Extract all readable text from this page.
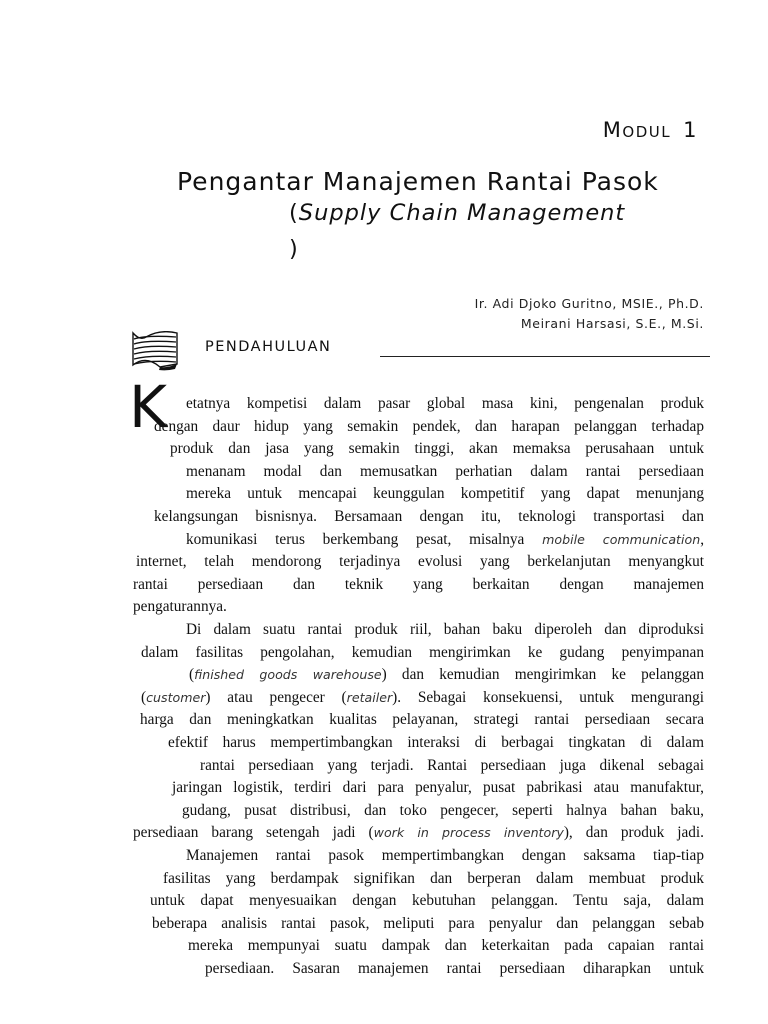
MODUL 1
Pengantar Manajemen Rantai Pasok
(Supply Chain Management
)
Ir. Adi Djoko Guritno, MSIE., Ph.D.
Meirani Harsasi, S.E., M.Si.
PENDAHULUAN
K etatnya kompetisi dalam pasar global masa kini, pengenalan produk
dengan daur hidup yang semakin pendek, dan harapan pelanggan terhadap
produk dan jasa yang semakin tinggi, akan memaksa perusahaan untuk
menanam modal dan memusatkan perhatian dalam rantai persediaan
mereka untuk mencapai keunggulan kompetitif yang dapat menunjang
kelangsungan bisnisnya. Bersamaan dengan itu, teknologi transportasi dan
komunikasi terus berkembang pesat, misalnya mobile communication,
internet, telah mendorong terjadinya evolusi yang berkelanjutan menyangkut
rantai persediaan dan teknik yang berkaitan dengan manajemen
pengaturannya.
Di dalam suatu rantai produk riil, bahan baku diperoleh dan diproduksi
dalam fasilitas pengolahan, kemudian mengirimkan ke gudang penyimpanan
(finished goods warehouse) dan kemudian mengirimkan ke pelanggan
(customer) atau pengecer (retailer). Sebagai konsekuensi, untuk mengurangi
harga dan meningkatkan kualitas pelayanan, strategi rantai persediaan secara
efektif harus mempertimbangkan interaksi di berbagai tingkatan di dalam
rantai persediaan yang terjadi. Rantai persediaan juga dikenal sebagai
jaringan logistik, terdiri dari para penyalur, pusat pabrikasi atau manufaktur,
gudang, pusat distribusi, dan toko pengecer, seperti halnya bahan baku,
persediaan barang setengah jadi (work in process inventory), dan produk jadi.
Manajemen rantai pasok mempertimbangkan dengan saksama tiap-tiap
fasilitas yang berdampak signifikan dan berperan dalam membuat produk
untuk dapat menyesuaikan dengan kebutuhan pelanggan. Tentu saja, dalam
beberapa analisis rantai pasok, meliputi para penyalur dan pelanggan sebab
mereka mempunyai suatu dampak dan keterkaitan pada capaian rantai
persediaan. Sasaran manajemen rantai persediaan diharapkan untuk
